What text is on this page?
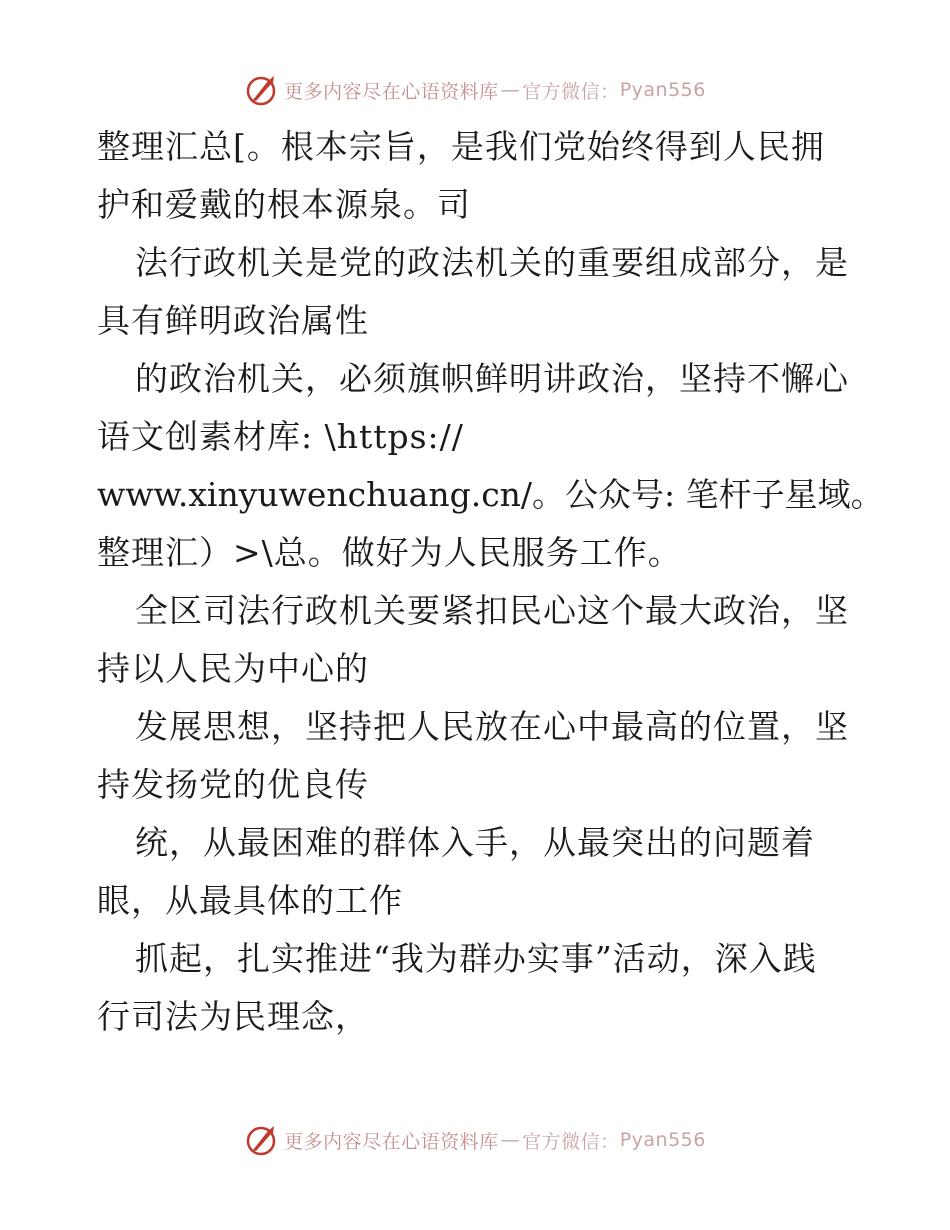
更多内容尽在心语资料库 — 官方微信： Pyan556
整理汇总[。根本宗旨，是我们党始终得到人民拥
护和爱戴的根本源泉。司
法行政机关是党的政法机关的重要组成部分，是
具有鲜明政治属性
的政治机关，必须旗帜鲜明讲政治，坚持不懈心
语文创素材库: \https://
www.xinyuwenchuang.cn/。公众号: 笔杆子星域。
整理汇）>\总。做好为人民服务工作。
全区司法行政机关要紧扣民心这个最大政治，坚
持以人民为中心的
发展思想，坚持把人民放在心中最高的位置，坚
持发扬党的优良传
统，从最困难的群体入手，从最突出的问题着
眼，从最具体的工作
抓起，扎实推进“我为群办实事”活动，深入践
行司法为民理念，
更多内容尽在心语资料库 — 官方微信： Pyan556
